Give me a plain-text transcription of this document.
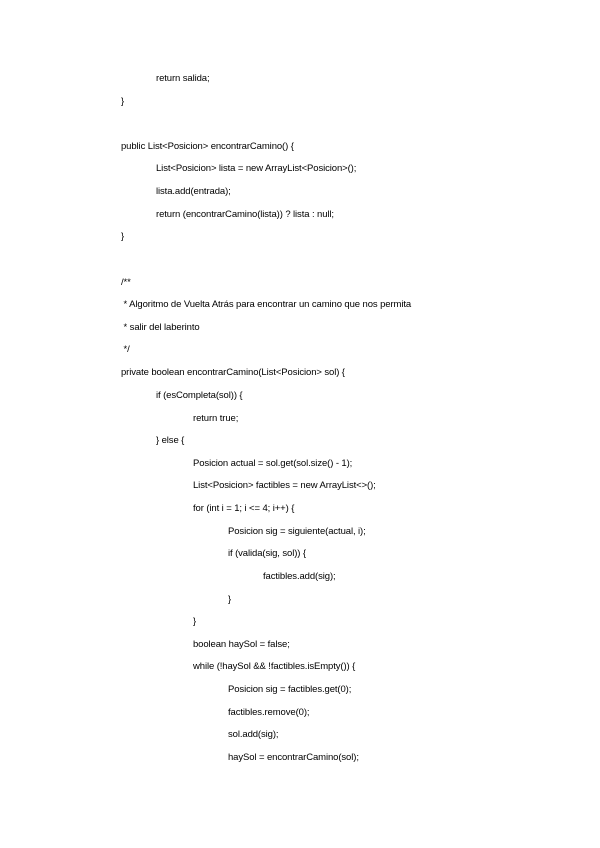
return salida;
}
public List<Posicion> encontrarCamino() {
List<Posicion> lista = new ArrayList<Posicion>();
lista.add(entrada);
return (encontrarCamino(lista)) ? lista : null;
}
/**
* Algoritmo de Vuelta Atrás para encontrar un camino que nos permita
* salir del laberinto
*/
private boolean encontrarCamino(List<Posicion> sol) {
if (esCompleta(sol)) {
return true;
} else {
Posicion actual = sol.get(sol.size() - 1);
List<Posicion> factibles = new ArrayList<>();
for (int i = 1; i <= 4; i++) {
Posicion sig = siguiente(actual, i);
if (valida(sig, sol)) {
factibles.add(sig);
}
}
boolean haySol = false;
while (!haySol && !factibles.isEmpty()) {
Posicion sig = factibles.get(0);
factibles.remove(0);
sol.add(sig);
haySol = encontrarCamino(sol);
